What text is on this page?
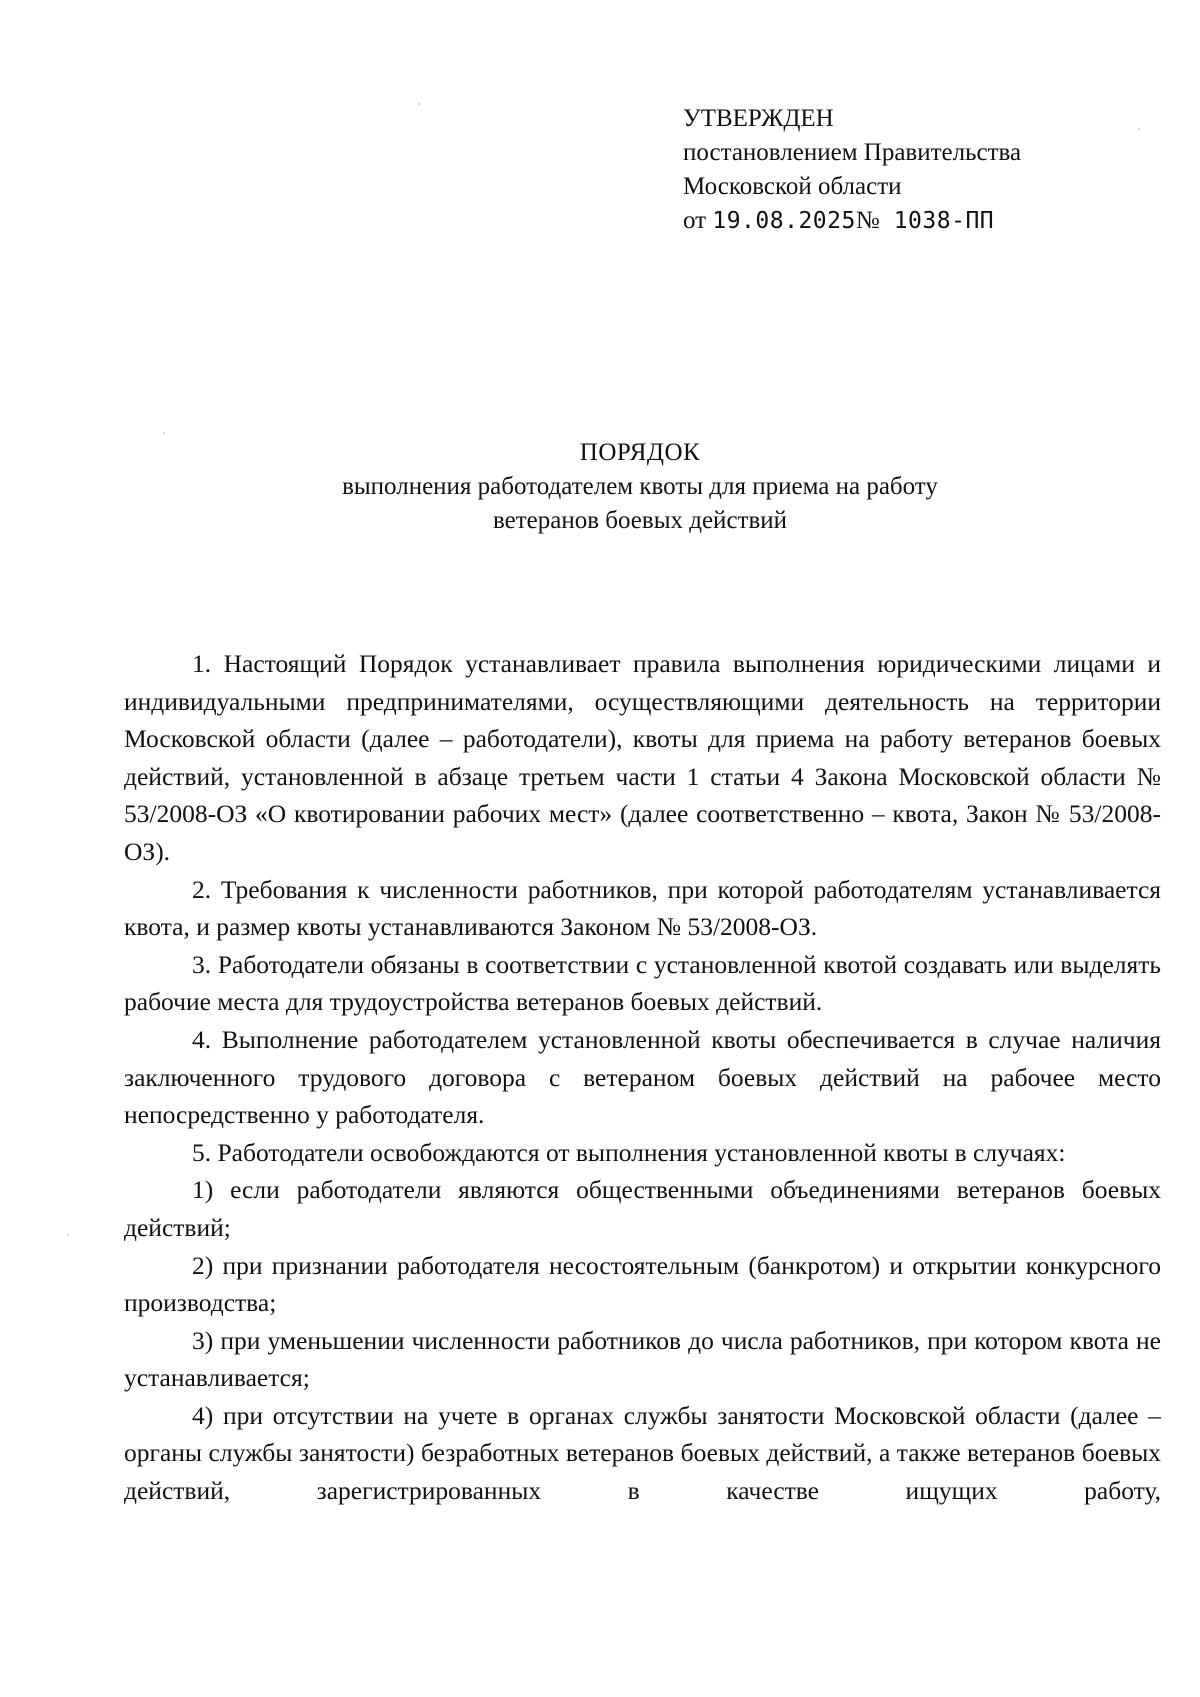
УТВЕРЖДЕН
постановлением Правительства
Московской области
от 19.08.2025№ 1038-ПП
ПОРЯДОК
выполнения работодателем квоты для приема на работу
ветеранов боевых действий

1. Настоящий Порядок устанавливает правила выполнения юридическими лицами и индивидуальными предпринимателями, осуществляющими деятельность на территории Московской области (далее – работодатели), квоты для приема на работу ветеранов боевых действий, установленной в абзаце третьем части 1 статьи 4 Закона Московской области № 53/2008-ОЗ «О квотировании рабочих мест» (далее соответственно – квота, Закон № 53/2008-ОЗ).

2. Требования к численности работников, при которой работодателям устанавливается квота, и размер квоты устанавливаются Законом № 53/2008-ОЗ.

3. Работодатели обязаны в соответствии с установленной квотой создавать или выделять рабочие места для трудоустройства ветеранов боевых действий.

4. Выполнение работодателем установленной квоты обеспечивается в случае наличия заключенного трудового договора с ветераном боевых действий на рабочее место непосредственно у работодателя.

5. Работодатели освобождаются от выполнения установленной квоты в случаях:

1) если работодатели являются общественными объединениями ветеранов боевых действий;

2) при признании работодателя несостоятельным (банкротом) и открытии конкурсного производства;

3) при уменьшении численности работников до числа работников, при котором квота не устанавливается;

4) при отсутствии на учете в органах службы занятости Московской области (далее – органы службы занятости) безработных ветеранов боевых действий, а также ветеранов боевых действий, зарегистрированных в качестве ищущих работу,
